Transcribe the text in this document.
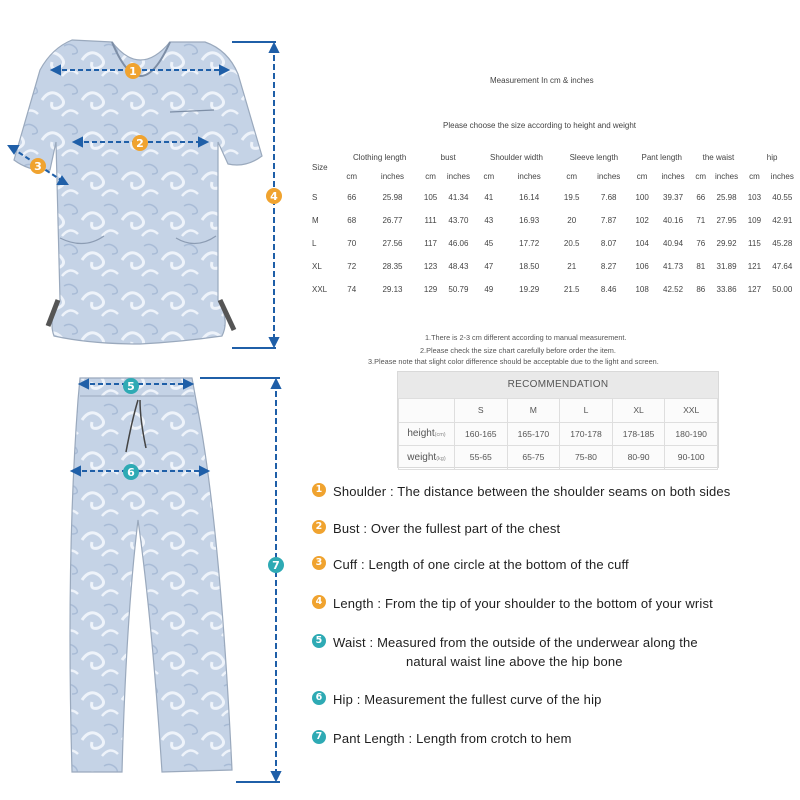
1
2
3
4
5
6
7
Measurement In cm & inches
Please choose the size according to height and weight
Size	Clothing length		bust		Shoulder width		Sleeve length		Pant length		the waist		hip	
	cm	inches	cm	inches	cm	inches	cm	inches	cm	inches	cm	inches	cm	inches
S	66	25.98	105	41.34	41	16.14	19.5	7.68	100	39.37	66	25.98	103	40.55
M	68	26.77	111	43.70	43	16.93	20	7.87	102	40.16	71	27.95	109	42.91
L	70	27.56	117	46.06	45	17.72	20.5	8.07	104	40.94	76	29.92	115	45.28
XL	72	28.35	123	48.43	47	18.50	21	8.27	106	41.73	81	31.89	121	47.64
XXL	74	29.13	129	50.79	49	19.29	21.5	8.46	108	42.52	86	33.86	127	50.00
1.There is 2-3 cm different according to manual measurement.
2.Please check the size chart carefully before order the item.
3.Please note that slight color difference should be acceptable due to the light and screen.
RECOMMENDATION
	S	M	L	XL	XXL
height(cm)	160-165	165-170	170-178	178-185	180-190
weight(kg)	55-65	65-75	75-80	80-90	90-100
1 Shoulder : The distance between the shoulder seams on both sides
2 Bust : Over the fullest part of the chest
3 Cuff : Length of one circle at the bottom of the cuff
4 Length : From the tip of your shoulder to the bottom of your wrist
5 Waist : Measured from the outside of the underwear along the
natural waist line above the hip bone
6 Hip : Measurement the fullest curve of the hip
7 Pant Length : Length from crotch to hem
